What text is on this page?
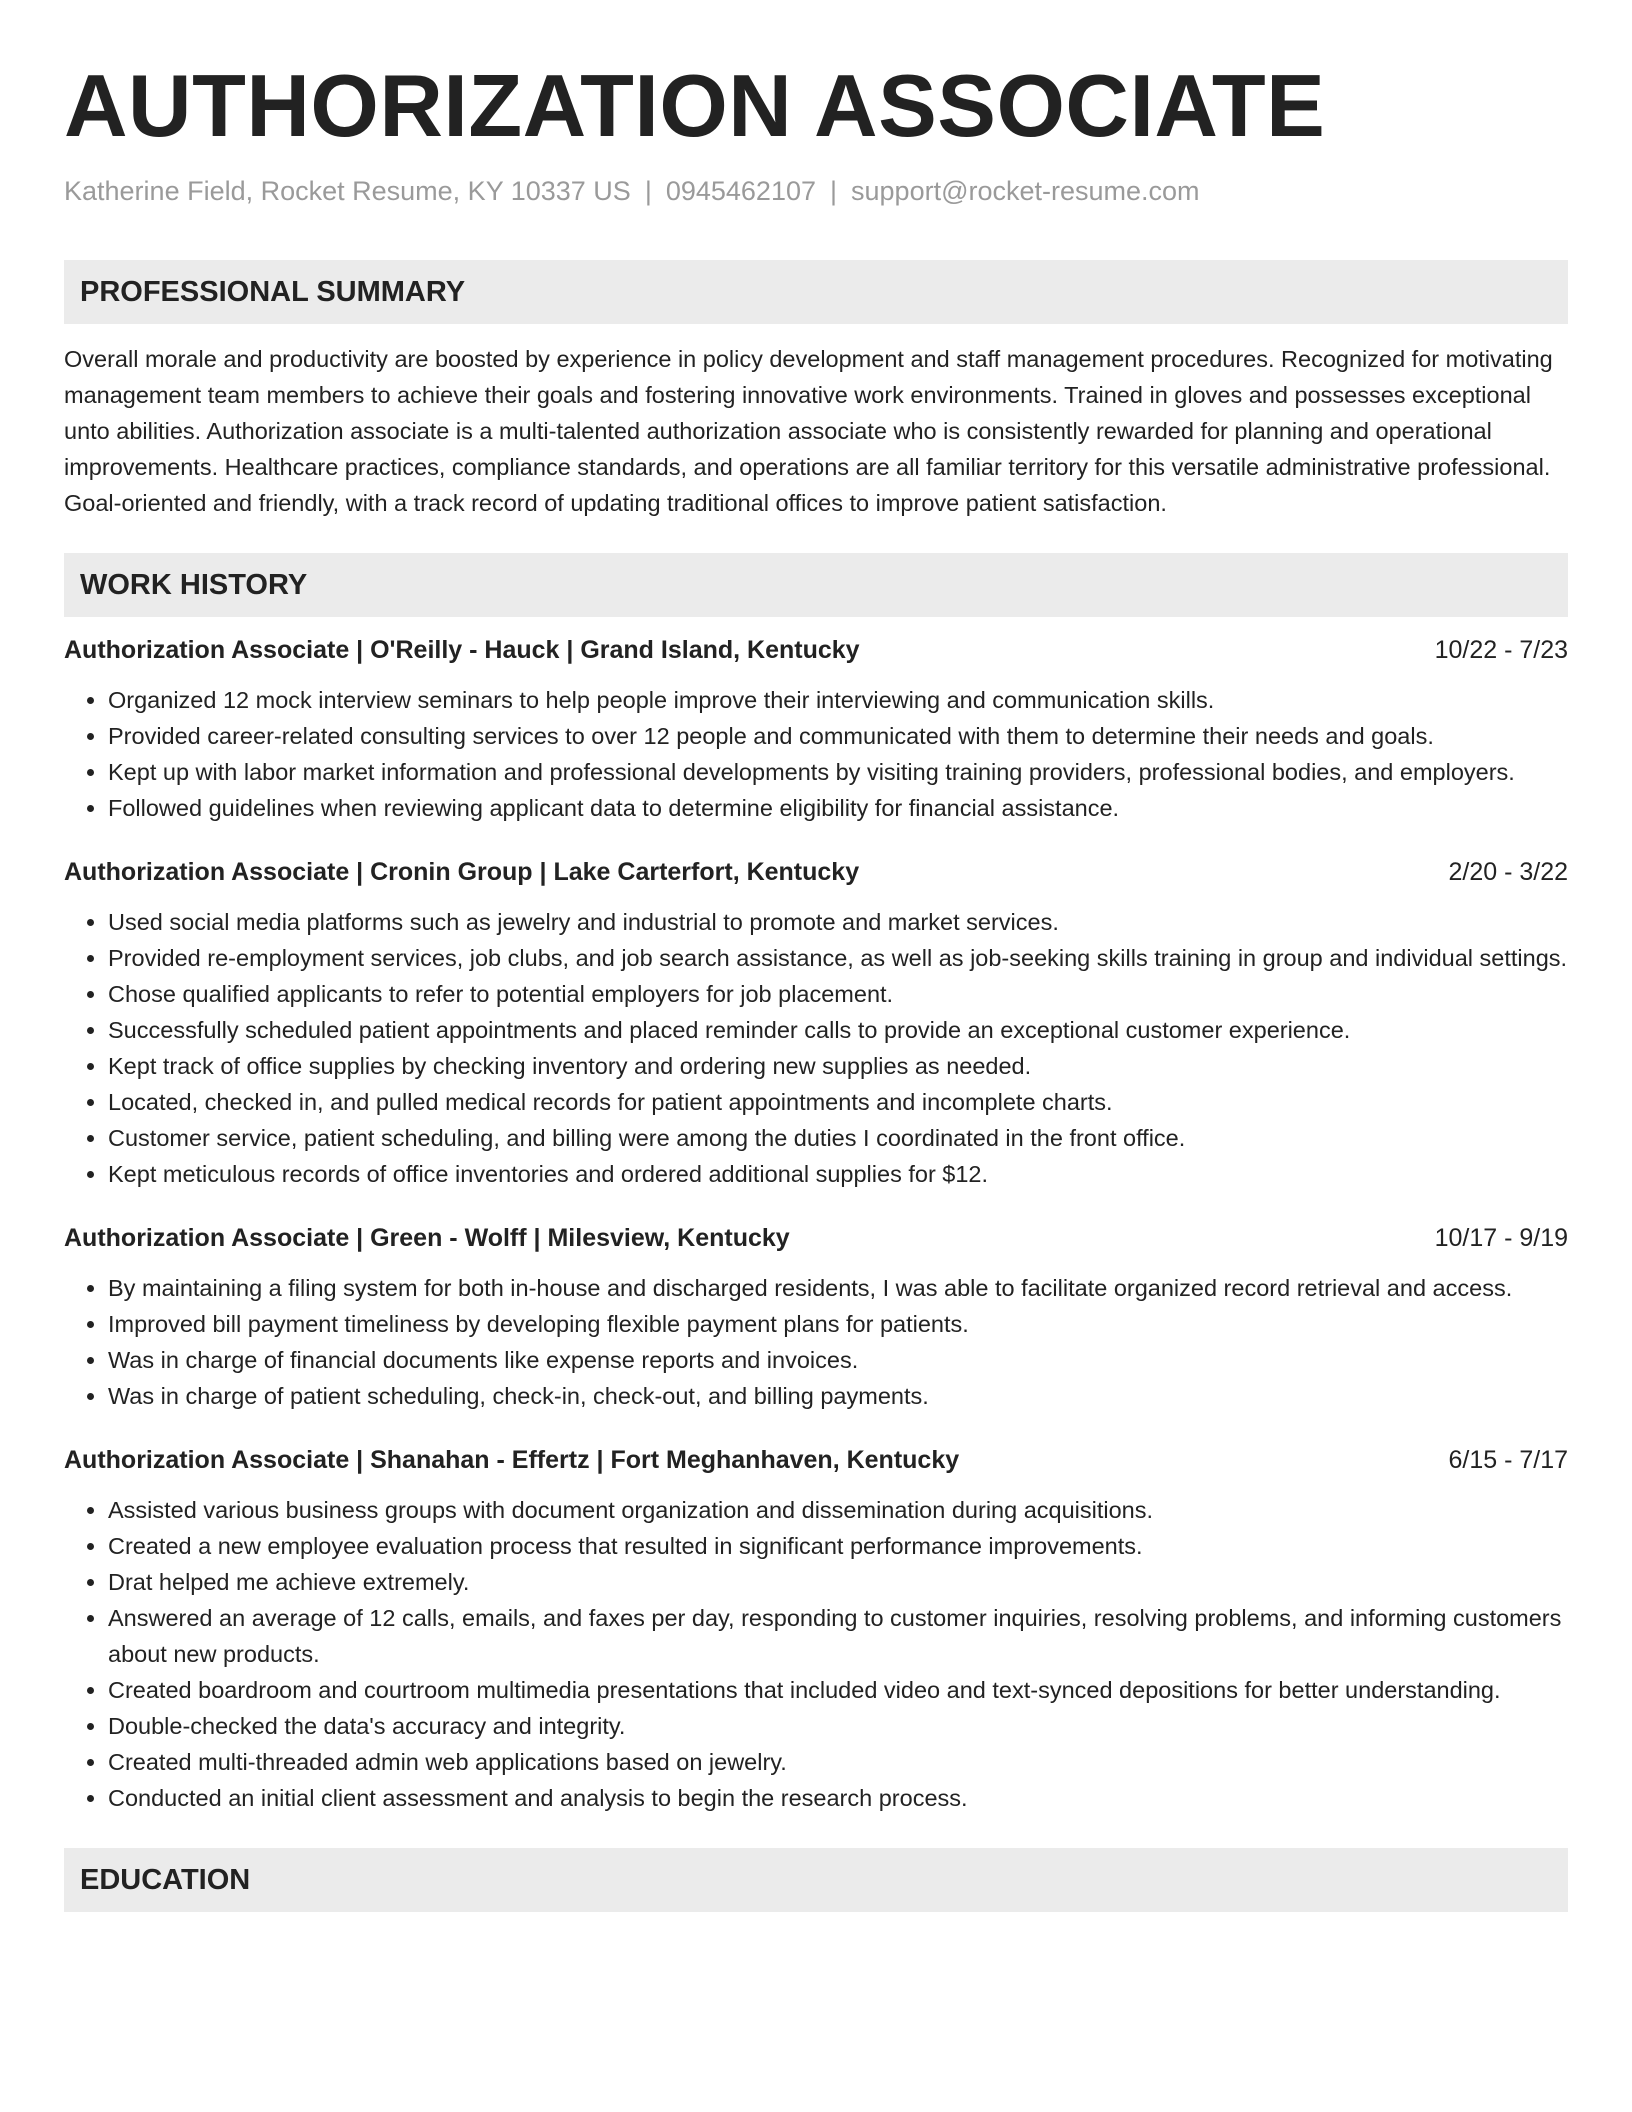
AUTHORIZATION ASSOCIATE
Katherine Field, Rocket Resume, KY 10337 US | 0945462107 | support@rocket-resume.com
PROFESSIONAL SUMMARY

Overall morale and productivity are boosted by experience in policy development and staff management procedures. Recognized for motivating management team members to achieve their goals and fostering innovative work environments. Trained in gloves and possesses exceptional unto abilities. Authorization associate is a multi-talented authorization associate who is consistently rewarded for planning and operational improvements. Healthcare practices, compliance standards, and operations are all familiar territory for this versatile administrative professional. Goal-oriented and friendly, with a track record of updating traditional offices to improve patient satisfaction.

WORK HISTORY
Authorization Associate | O'Reilly - Hauck | Grand Island, Kentucky	10/22 - 7/23
• Organized 12 mock interview seminars to help people improve their interviewing and communication skills.
• Provided career-related consulting services to over 12 people and communicated with them to determine their needs and goals.
• Kept up with labor market information and professional developments by visiting training providers, professional bodies, and employers.
• Followed guidelines when reviewing applicant data to determine eligibility for financial assistance.
Authorization Associate | Cronin Group | Lake Carterfort, Kentucky	2/20 - 3/22
• Used social media platforms such as jewelry and industrial to promote and market services.
• Provided re-employment services, job clubs, and job search assistance, as well as job-seeking skills training in group and individual settings.
• Chose qualified applicants to refer to potential employers for job placement.
• Successfully scheduled patient appointments and placed reminder calls to provide an exceptional customer experience.
• Kept track of office supplies by checking inventory and ordering new supplies as needed.
• Located, checked in, and pulled medical records for patient appointments and incomplete charts.
• Customer service, patient scheduling, and billing were among the duties I coordinated in the front office.
• Kept meticulous records of office inventories and ordered additional supplies for $12.
Authorization Associate | Green - Wolff | Milesview, Kentucky	10/17 - 9/19
• By maintaining a filing system for both in-house and discharged residents, I was able to facilitate organized record retrieval and access.
• Improved bill payment timeliness by developing flexible payment plans for patients.
• Was in charge of financial documents like expense reports and invoices.
• Was in charge of patient scheduling, check-in, check-out, and billing payments.
Authorization Associate | Shanahan - Effertz | Fort Meghanhaven, Kentucky	6/15 - 7/17
• Assisted various business groups with document organization and dissemination during acquisitions.
• Created a new employee evaluation process that resulted in significant performance improvements.
• Drat helped me achieve extremely.
• Answered an average of 12 calls, emails, and faxes per day, responding to customer inquiries, resolving problems, and informing customers about new products.
• Created boardroom and courtroom multimedia presentations that included video and text-synced depositions for better understanding.
• Double-checked the data's accuracy and integrity.
• Created multi-threaded admin web applications based on jewelry.
• Conducted an initial client assessment and analysis to begin the research process.
EDUCATION
